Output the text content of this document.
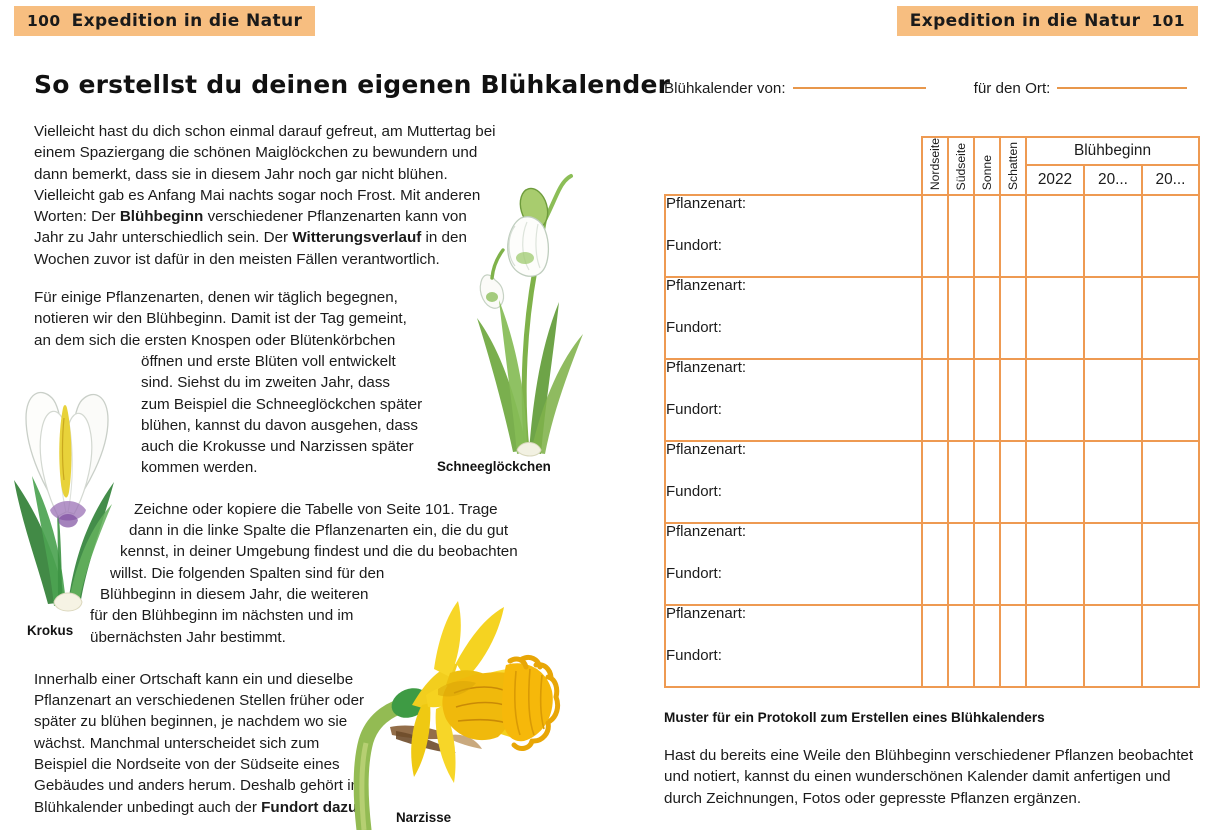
100 Expedition in die Natur	Expedition in die Natur 101
So erstellst du deinen eigenen Blühkalender

Vielleicht hast du dich schon einmal darauf gefreut, am Muttertag bei einem Spaziergang die schönen Maiglöckchen zu bewundern und dann bemerkt, dass sie in diesem Jahr noch gar nicht blühen. Vielleicht gab es Anfang Mai nachts sogar noch Frost. Mit anderen Worten: Der Blühbeginn verschiedener Pflanzenarten kann von Jahr zu Jahr unterschiedlich sein. Der Witterungsverlauf in den Wochen zuvor ist dafür in den meisten Fällen verantwortlich.

Für einige Pflanzenarten, denen wir täglich begegnen,
notieren wir den Blühbeginn. Damit ist der Tag gemeint,
an dem sich die ersten Knospen oder Blütenkörbchen
öffnen und erste Blüten voll entwickelt
sind. Siehst du im zweiten Jahr, dass
zum Beispiel die Schneeglöckchen später
blühen, kannst du davon ausgehen, dass
auch die Krokusse und Narzissen später
kommen werden.

Zeichne oder kopiere die Tabelle von Seite 101. Trage
dann in die linke Spalte die Pflanzenarten ein, die du gut
kennst, in deiner Umgebung findest und die du beobachten
willst. Die folgenden Spalten sind für den
Blühbeginn in diesem Jahr, die weiteren
für den Blühbeginn im nächsten und im
übernächsten Jahr bestimmt.

Innerhalb einer Ortschaft kann ein und dieselbe Pflanzenart an verschiedenen Stellen früher oder später zu blühen beginnen, je nachdem wo sie wächst. Manchmal unterscheidet sich zum Beispiel die Nordseite von der Südseite eines Gebäudes und anders herum. Deshalb gehört im Blühkalender unbedingt auch der Fundort dazu.

Schneeglöckchen
Krokus
Narzisse
Blühkalender von:	für den Ort:
	Nordseite	Südseite	Sonne	Schatten	Blühbeginn		
					2022	20...	20...

Pflanzenart:
Fundort:							

Pflanzenart:
Fundort:							

Pflanzenart:
Fundort:							

Pflanzenart:
Fundort:							

Pflanzenart:
Fundort:							

Pflanzenart:
Fundort:							

Muster für ein Protokoll zum Erstellen eines Blühkalenders
Hast du bereits eine Weile den Blühbeginn verschiedener Pflanzen beobachtet und notiert, kannst du einen wunderschönen Kalender damit anfertigen und durch Zeichnungen, Fotos oder gepresste Pflanzen ergänzen.
